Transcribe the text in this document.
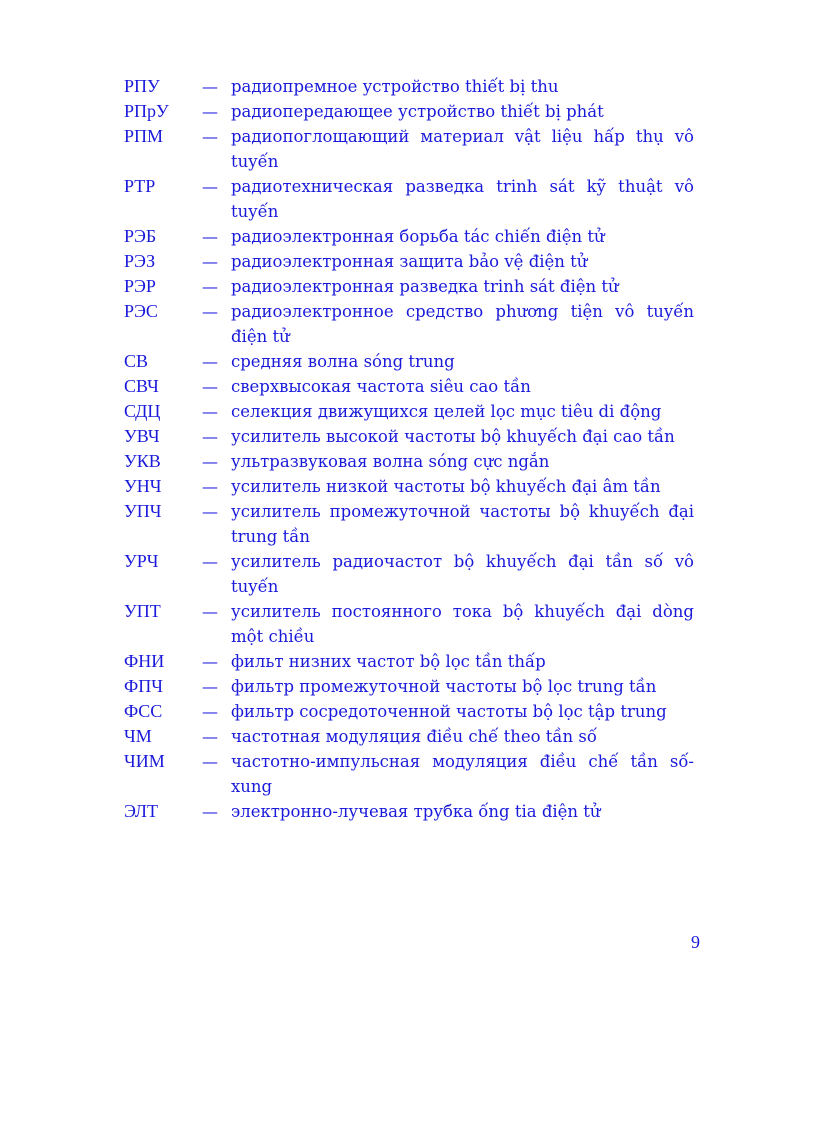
РПУ	— радиопремное устройство thiết bị thu
РПрУ	— радиопередающее устройство thiết bị phát
РПМ	— радиопоглощающий материал vật liệu hấp thụ vô tuyến
РТР	— радиотехническая разведка trinh sát kỹ thuật vô tuyến
РЭБ	— радиоэлектронная борьба tác chiến điện tử
РЭЗ	— радиоэлектронная защита bảo vệ điện tử
РЭР	— радиоэлектронная разведка trinh sát điện tử
РЭС	— радиоэлектронное средство phương tiện vô tuyến điện tử
СВ	— средняя волна sóng trung
СВЧ	— сверхвысокая частота siêu cao tần
СДЦ	— селекция движущихся целей lọc mục tiêu di động
УВЧ	— усилитель высокой частоты bộ khuyếch đại cao tần
УКВ	— ультразвуковая волна sóng cực ngắn
УНЧ	— усилитель низкой частоты bộ khuyếch đại âm tần
УПЧ	— усилитель промежуточной частоты bộ khuyếch đại trung tần
УРЧ	— усилитель радиочастот bộ khuyếch đại tần số vô tuyến
УПТ	— усилитель постоянного тока bộ khuyếch đại dòng một chiều
ФНИ	— фильт низних частот bộ lọc tần thấp
ФПЧ	— фильтр промежуточной частоты bộ lọc trung tần
ФСС	— фильтр сосредоточенной частоты bộ lọc tập trung
ЧМ	— частотная модуляция điều chế theo tần số
ЧИМ	— частотно-импульсная модуляция điều chế tần số-xung
ЭЛТ	— электронно-лучевая трубка ống tia điện tử
9
